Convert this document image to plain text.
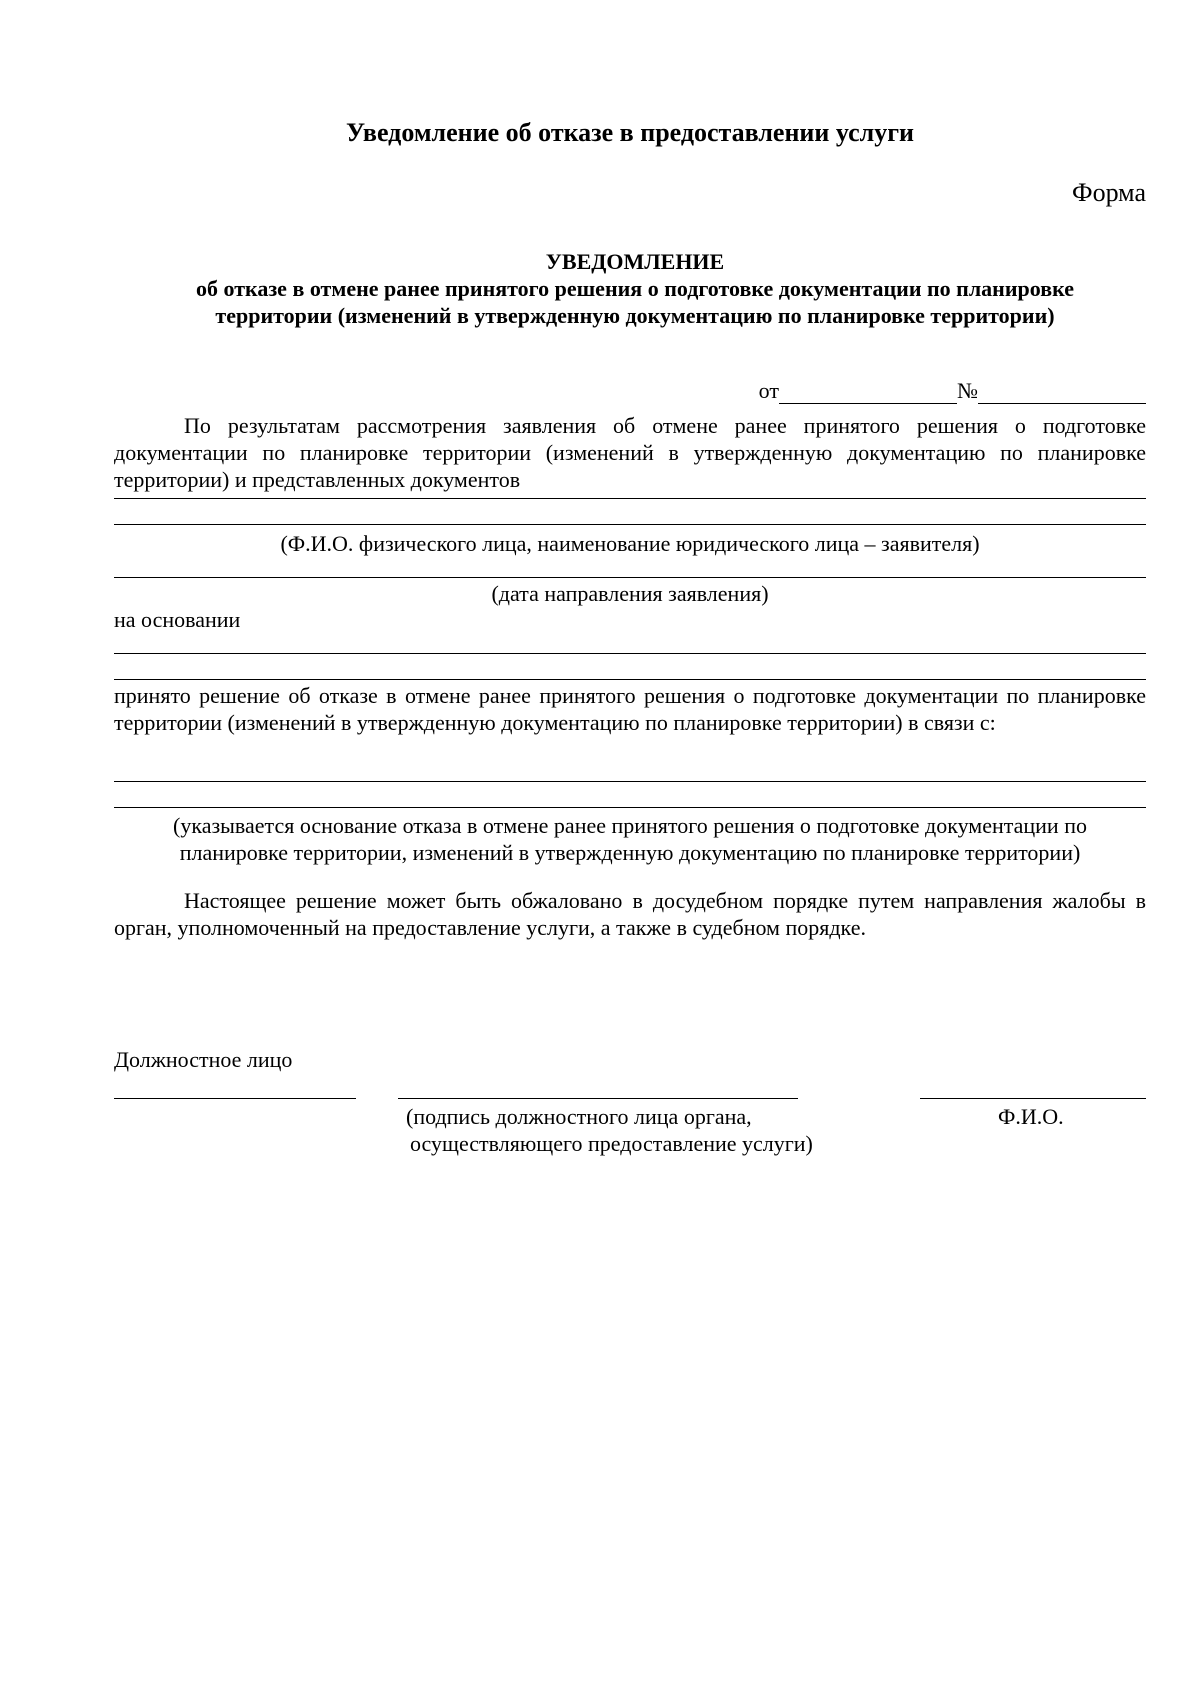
Уведомление об отказе в предоставлении услуги
Форма
УВЕДОМЛЕНИЕ
об отказе в отмене ранее принятого решения о подготовке документации по планировке
территории (изменений в утвержденную документацию по планировке территории)
от	№
По результатам рассмотрения заявления об отмене ранее принятого решения о подготовке документации по планировке территории (изменений в утвержденную документацию по планировке территории) и представленных документов
(Ф.И.О. физического лица, наименование юридического лица – заявителя)
(дата направления заявления)
на основании
принято решение об отказе в отмене ранее принятого решения о подготовке документации по планировке территории (изменений в утвержденную документацию по планировке территории) в связи с:
(указывается основание отказа в отмене ранее принятого решения о подготовке документации по
планировке территории, изменений в утвержденную документацию по планировке территории)
Настоящее решение может быть обжаловано в досудебном порядке путем направления жалобы в орган, уполномоченный на предоставление услуги, а также в судебном порядке.
Должностное лицо
(подпись должностного лица органа,
осуществляющего предоставление услуги)
Ф.И.О.
